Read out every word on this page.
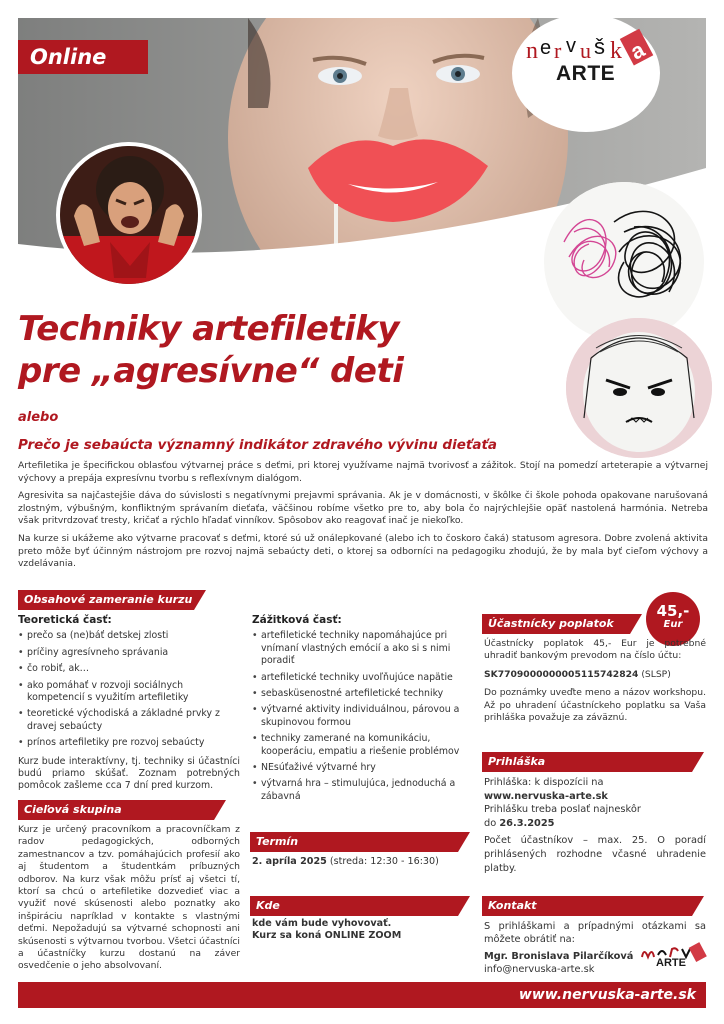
Online	n e r v u š k a
ARTE
Techniky artefiletiky
pre „agresívne“ deti
alebo
Prečo je sebaúcta významný indikátor zdravého vývinu dieťaťa

Artefiletika je špecifickou oblasťou výtvarnej práce s deťmi, pri ktorej využívame najmä tvorivosť a zážitok. Stojí na pomedzí arteterapie a výtvarnej výchovy a prepája expresívnu tvorbu s reflexívnym dialógom.

Agresivita sa najčastejšie dáva do súvislosti s negatívnymi prejavmi správania. Ak je v domácnosti, v škôlke či škole pohoda opakovane narušovaná zlostným, výbušným, konfliktným správaním dieťaťa, väčšinou robíme všetko pre to, aby bola čo najrýchlejšie opäť nastolená harmónia. Netreba však pritvrdzovať tresty, kričať a rýchlo hľadať vinníkov. Spôsobov ako reagovať inač je niekoľko.

Na kurze si ukážeme ako výtvarne pracovať s deťmi, ktoré sú už onálepkované (alebo ich to čoskoro čaká) statusom agresora. Dobre zvolená aktivita preto môže byť účinným nástrojom pre rozvoj najmä sebaúcty deti, o ktorej sa odborníci na pedagogiku zhodujú, že by mala byť cieľom výchovy a vzdelávania.

Obsahové zameranie kurzu
Teoretická časť:
• prečo sa (ne)báť detskej zlosti
• príčiny agresívneho správania
• čo robiť, ak…
• ako pomáhať v rozvoji sociálnych kompetencií s využitím artefiletiky
• teoretické východiská a základné prvky z dravej sebaúcty
• prínos artefiletiky pre rozvoj sebaúcty

Kurz bude interaktívny, tj. techniky si účastníci budú priamo skúšať. Zoznam potrebných pomôcok zašleme cca 7 dní pred kurzom.

Zážitková časť:
• artefiletické techniky napomáhajúce pri vnímaní vlastných emócií a ako si s nimi poradiť
• artefiletické techniky uvoľňujúce napätie
• sebasküsenostné artefiletické techniky
• výtvarné aktivity individuálnou, párovou a skupinovou formou
• techniky zamerané na komunikáciu, kooperáciu, empatiu a riešenie problémov
• NEsúťaživé výtvarné hry
• výtvarná hra – stimulujúca, jednoduchá a zábavná
Cieľová skupina
Kurz je určený pracovníkom a pracovníčkam z radov pedagogických, odborných zamestnancov a tzv. pomáhajúcich profesií ako aj študentom a študentkám príbuzných odborov. Na kurz však môžu prísť aj všetci tí, ktorí sa chcú o artefiletike dozvedieť viac a využiť nové skúsenosti alebo poznatky ako inšpiráciu napríklad v kontakte s vlastnými deťmi. Nepožadujú sa výtvarné schopnosti ani skúsenosti s výtvarnou tvorbou. Všetci účastníci a účastníčky kurzu dostanú na záver osvedčenie o jeho absolvovaní.
Termín
2. apríla 2025 (streda: 12:30 - 16:30)
Kde
kde vám bude vyhovovať.
Kurz sa koná ONLINE ZOOM
Účastnícky poplatok
45,-
Eur

Účastnícky poplatok 45,- Eur je potrebné uhradiť bankovým prevodom na číslo účtu:

SK7709000000005115742824 (SLSP)

Do poznámky uveďte meno a názov workshopu. Až po uhradení účastníckeho poplatku sa Vaša prihláška považuje za záväznú.

Prihláška
Prihláška: k dispozícii na
www.nervuska-arte.sk
Prihlášku treba poslať najneskôr
do 26.3.2025
Počet účastníkov – max. 25. O poradí prihlásených rozhodne včasné uhradenie platby.
Kontakt
S prihláškami a prípadnými otázkami sa môžete obrátiť na:
Mgr. Bronislava Pilarčíková
info@nervuska-arte.sk
ARTE
www.nervuska-arte.sk
